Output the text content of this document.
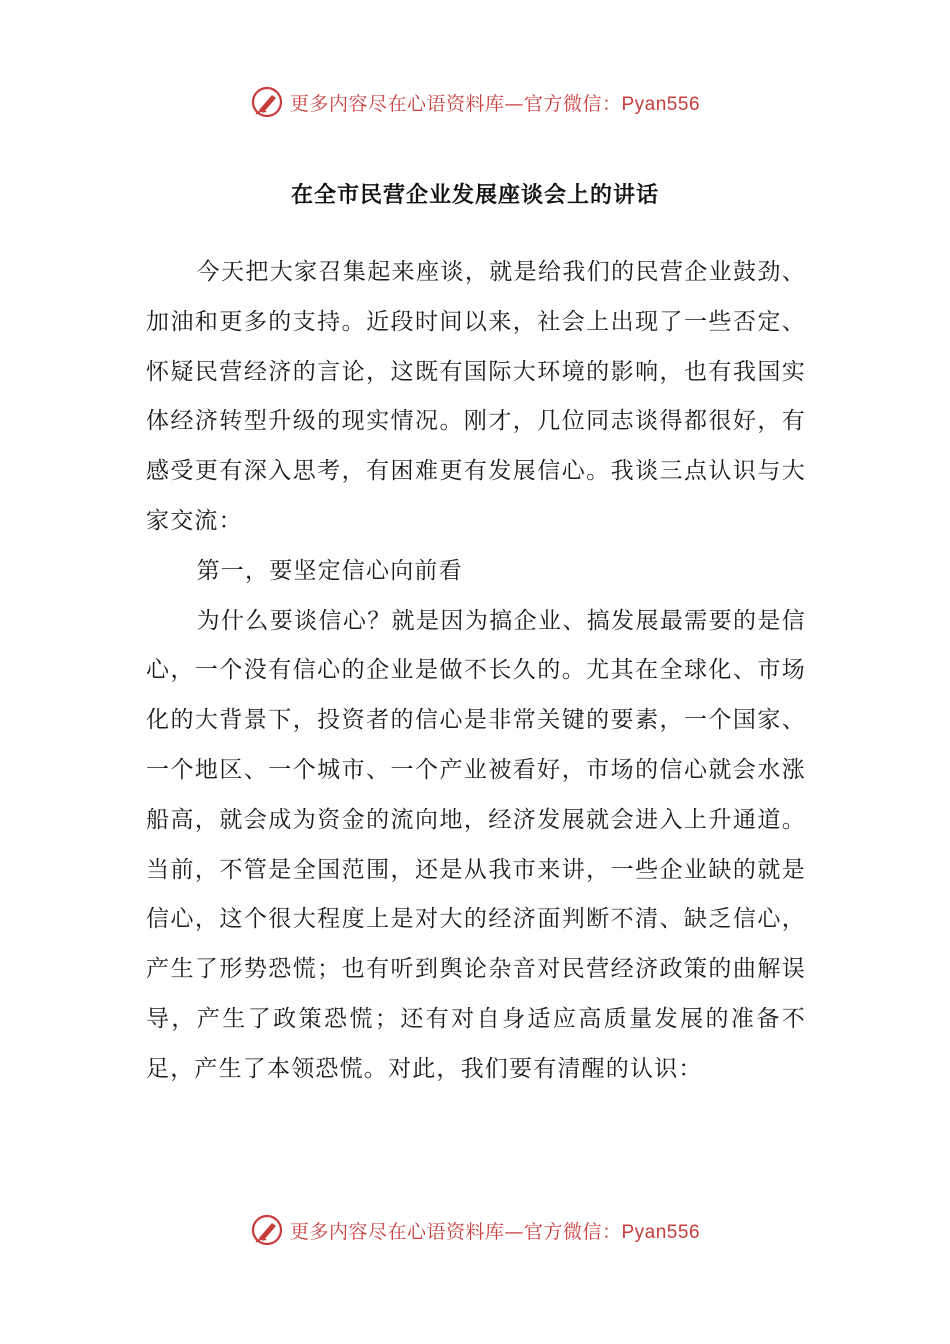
更多内容尽在心语资料库—官方微信：Pyan556
在全市民营企业发展座谈会上的讲话

今天把大家召集起来座谈，就是给我们的民营企业鼓劲、加油和更多的支持。近段时间以来，社会上出现了一些否定、怀疑民营经济的言论，这既有国际大环境的影响，也有我国实体经济转型升级的现实情况。刚才，几位同志谈得都很好，有感受更有深入思考，有困难更有发展信心。我谈三点认识与大家交流：

第一，要坚定信心向前看

为什么要谈信心？就是因为搞企业、搞发展最需要的是信心，一个没有信心的企业是做不长久的。尤其在全球化、市场化的大背景下，投资者的信心是非常关键的要素，一个国家、一个地区、一个城市、一个产业被看好，市场的信心就会水涨船高，就会成为资金的流向地，经济发展就会进入上升通道。当前，不管是全国范围，还是从我市来讲，一些企业缺的就是信心，这个很大程度上是对大的经济面判断不清、缺乏信心，产生了形势恐慌；也有听到舆论杂音对民营经济政策的曲解误导，产生了政策恐慌；还有对自身适应高质量发展的准备不足，产生了本领恐慌。对此，我们要有清醒的认识：

更多内容尽在心语资料库—官方微信：Pyan556
